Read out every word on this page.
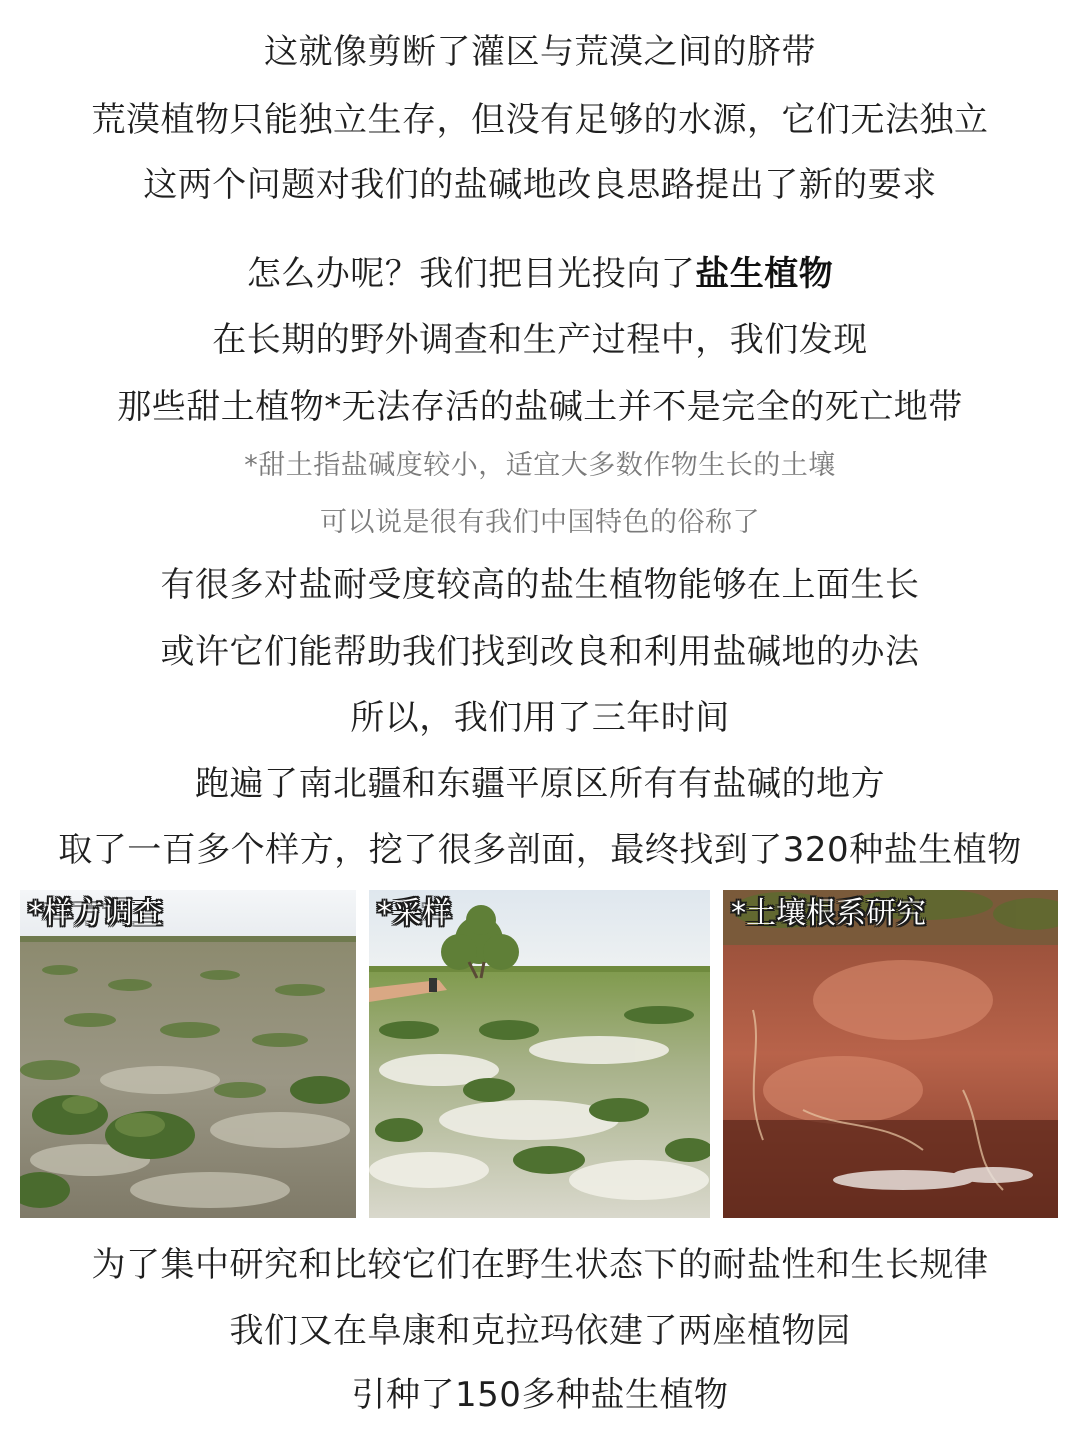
这就像剪断了灌区与荒漠之间的脐带
荒漠植物只能独立生存，但没有足够的水源，它们无法独立
这两个问题对我们的盐碱地改良思路提出了新的要求
怎么办呢？我们把目光投向了盐生植物
在长期的野外调查和生产过程中，我们发现
那些甜土植物*无法存活的盐碱土并不是完全的死亡地带
*甜土指盐碱度较小，适宜大多数作物生长的土壤
可以说是很有我们中国特色的俗称了
有很多对盐耐受度较高的盐生植物能够在上面生长
或许它们能帮助我们找到改良和利用盐碱地的办法
所以，我们用了三年时间
跑遍了南北疆和东疆平原区所有有盐碱的地方
取了一百多个样方，挖了很多剖面，最终找到了320种盐生植物
*样方调查	*采样	*土壤根系研究
为了集中研究和比较它们在野生状态下的耐盐性和生长规律
我们又在阜康和克拉玛依建了两座植物园
引种了150多种盐生植物
